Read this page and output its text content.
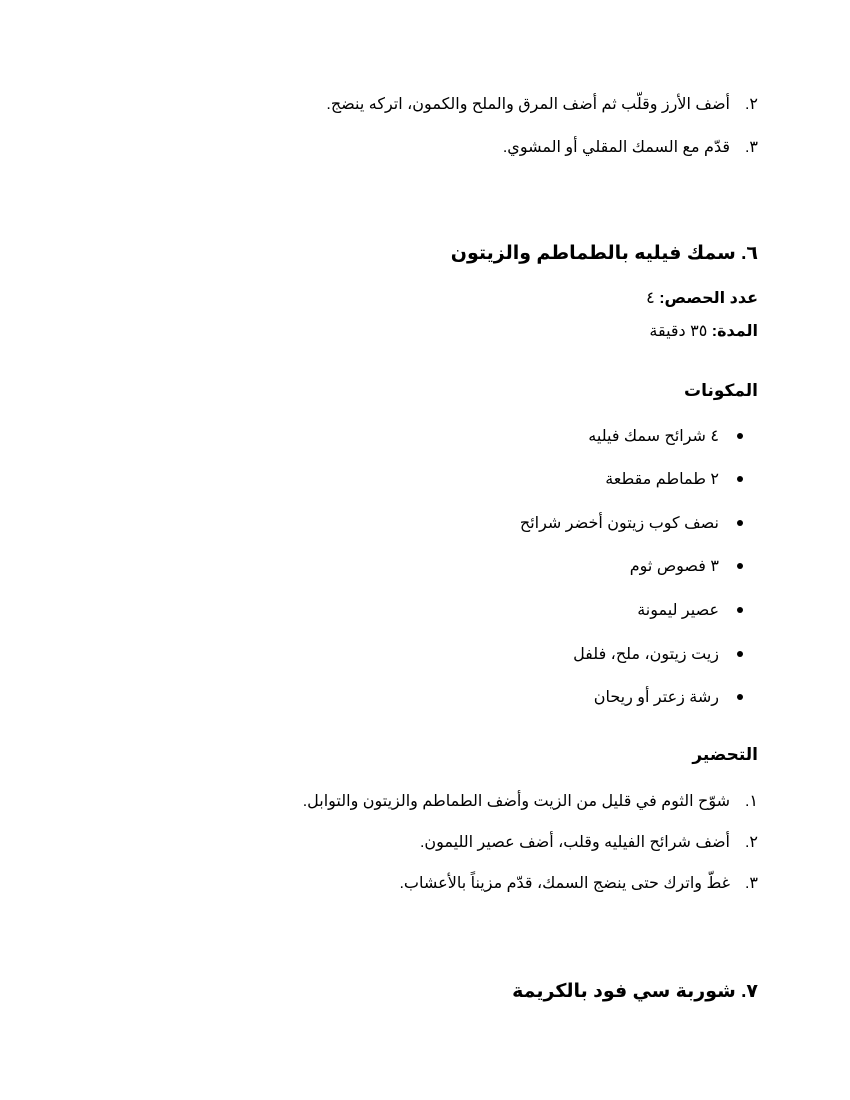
٢.أضف الأرز وقلّب ثم أضف المرق والملح والكمون، اتركه ينضج.
٣.قدّم مع السمك المقلي أو المشوي.
٦. سمك فيليه بالطماطم والزيتون
عدد الحصص: ٤
المدة: ٣٥ دقيقة
المكونات
٤ شرائح سمك فيليه
٢ طماطم مقطعة
نصف كوب زيتون أخضر شرائح
٣ فصوص ثوم
عصير ليمونة
زيت زيتون، ملح، فلفل
رشة زعتر أو ريحان
التحضير
١.شوّح الثوم في قليل من الزيت وأضف الطماطم والزيتون والتوابل.
٢.أضف شرائح الفيليه وقلب، أضف عصير الليمون.
٣.غطّ واترك حتى ينضج السمك، قدّم مزيناً بالأعشاب.
٧. شوربة سي فود بالكريمة
